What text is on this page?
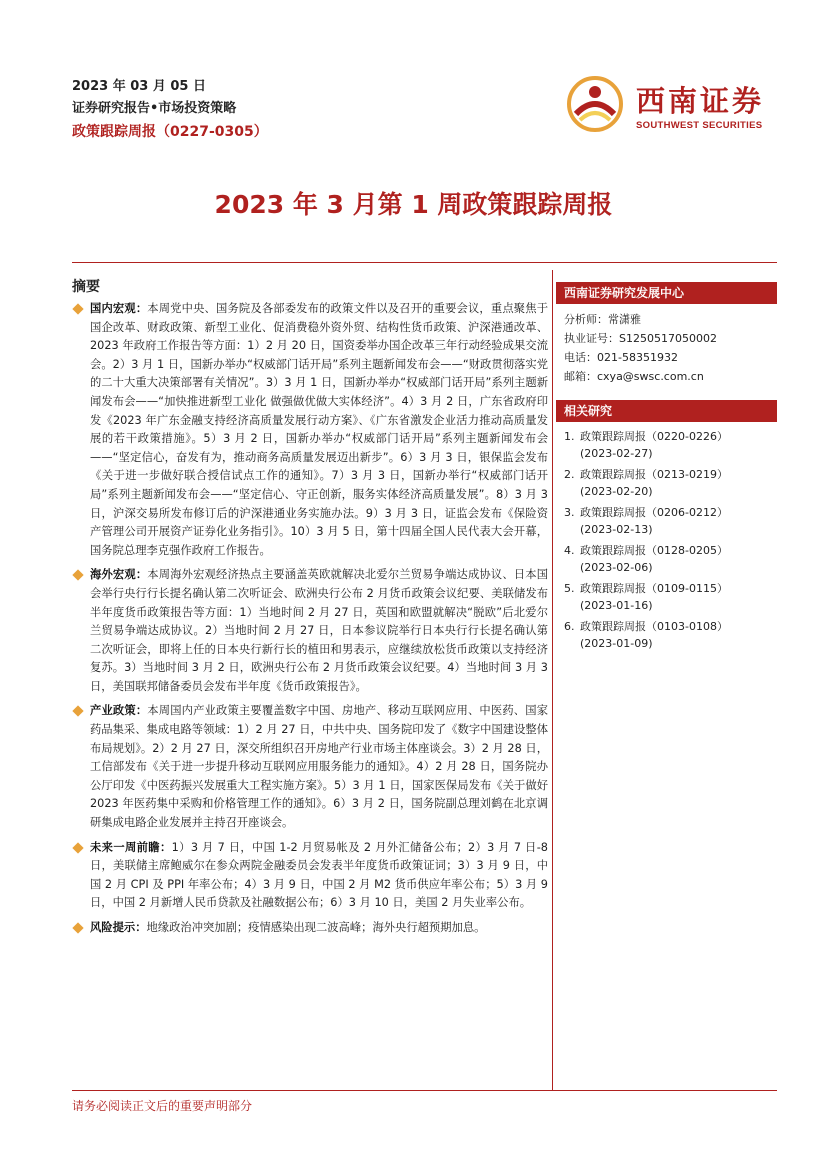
2023 年 03 月 05 日
证券研究报告•市场投资策略
政策跟踪周报（0227-0305）
西南证券
SOUTHWEST SECURITIES
2023 年 3 月第 1 周政策跟踪周报
摘要

国内宏观：本周党中央、国务院及各部委发布的政策文件以及召开的重要会议，重点聚焦于国企改革、财政政策、新型工业化、促消费稳外资外贸、结构性货币政策、沪深港通改革、2023 年政府工作报告等方面：1）2 月 20 日，国资委举办国企改革三年行动经验成果交流会。2）3 月 1 日，国新办举办“权威部门话开局”系列主题新闻发布会——“财政贯彻落实党的二十大重大决策部署有关情况”。3）3 月 1 日，国新办举办“权威部门话开局”系列主题新闻发布会——“加快推进新型工业化 做强做优做大实体经济”。4）3 月 2 日，广东省政府印发《2023 年广东金融支持经济高质量发展行动方案》、《广东省激发企业活力推动高质量发展的若干政策措施》。5）3 月 2 日，国新办举办“权威部门话开局”系列主题新闻发布会——“坚定信心，奋发有为，推动商务高质量发展迈出新步”。6）3 月 3 日，银保监会发布《关于进一步做好联合授信试点工作的通知》。7）3 月 3 日，国新办举行“权威部门话开局”系列主题新闻发布会——“坚定信心、守正创新，服务实体经济高质量发展”。8）3 月 3 日，沪深交易所发布修订后的沪深港通业务实施办法。9）3 月 3 日，证监会发布《保险资产管理公司开展资产证券化业务指引》。10）3 月 5 日，第十四届全国人民代表大会开幕，国务院总理李克强作政府工作报告。

海外宏观：本周海外宏观经济热点主要涵盖英欧就解决北爱尔兰贸易争端达成协议、日本国会举行央行行长提名确认第二次听证会、欧洲央行公布 2 月货币政策会议纪要、美联储发布半年度货币政策报告等方面：1）当地时间 2 月 27 日，英国和欧盟就解决“脱欧”后北爱尔兰贸易争端达成协议。2）当地时间 2 月 27 日，日本参议院举行日本央行行长提名确认第二次听证会，即将上任的日本央行新行长的植田和男表示，应继续放松货币政策以支持经济复苏。3）当地时间 3 月 2 日，欧洲央行公布 2 月货币政策会议纪要。4）当地时间 3 月 3 日，美国联邦储备委员会发布半年度《货币政策报告》。

产业政策：本周国内产业政策主要覆盖数字中国、房地产、移动互联网应用、中医药、国家药品集采、集成电路等领域：1）2 月 27 日，中共中央、国务院印发了《数字中国建设整体布局规划》。2）2 月 27 日，深交所组织召开房地产行业市场主体座谈会。3）2 月 28 日，工信部发布《关于进一步提升移动互联网应用服务能力的通知》。4）2 月 28 日，国务院办公厅印发《中医药振兴发展重大工程实施方案》。5）3 月 1 日，国家医保局发布《关于做好 2023 年医药集中采购和价格管理工作的通知》。6）3 月 2 日，国务院副总理刘鹤在北京调研集成电路企业发展并主持召开座谈会。

未来一周前瞻：1）3 月 7 日，中国 1-2 月贸易帐及 2 月外汇储备公布；2）3 月 7 日-8 日，美联储主席鲍威尔在参众两院金融委员会发表半年度货币政策证词；3）3 月 9 日，中国 2 月 CPI 及 PPI 年率公布；4）3 月 9 日，中国 2 月 M2 货币供应年率公布；5）3 月 9 日，中国 2 月新增人民币贷款及社融数据公布；6）3 月 10 日，美国 2 月失业率公布。

风险提示：地缘政治冲突加剧；疫情感染出现二波高峰；海外央行超预期加息。

西南证券研究发展中心
分析师：常潇雅
执业证号：S1250517050002
电话：021-58351932
邮箱：cxya@swsc.com.cn
相关研究
1. 政策跟踪周报（0220-0226）
(2023-02-27)
2. 政策跟踪周报（0213-0219）
(2023-02-20)
3. 政策跟踪周报（0206-0212）
(2023-02-13)
4. 政策跟踪周报（0128-0205）
(2023-02-06)
5. 政策跟踪周报（0109-0115）
(2023-01-16)
6. 政策跟踪周报（0103-0108）
(2023-01-09)
请务必阅读正文后的重要声明部分
